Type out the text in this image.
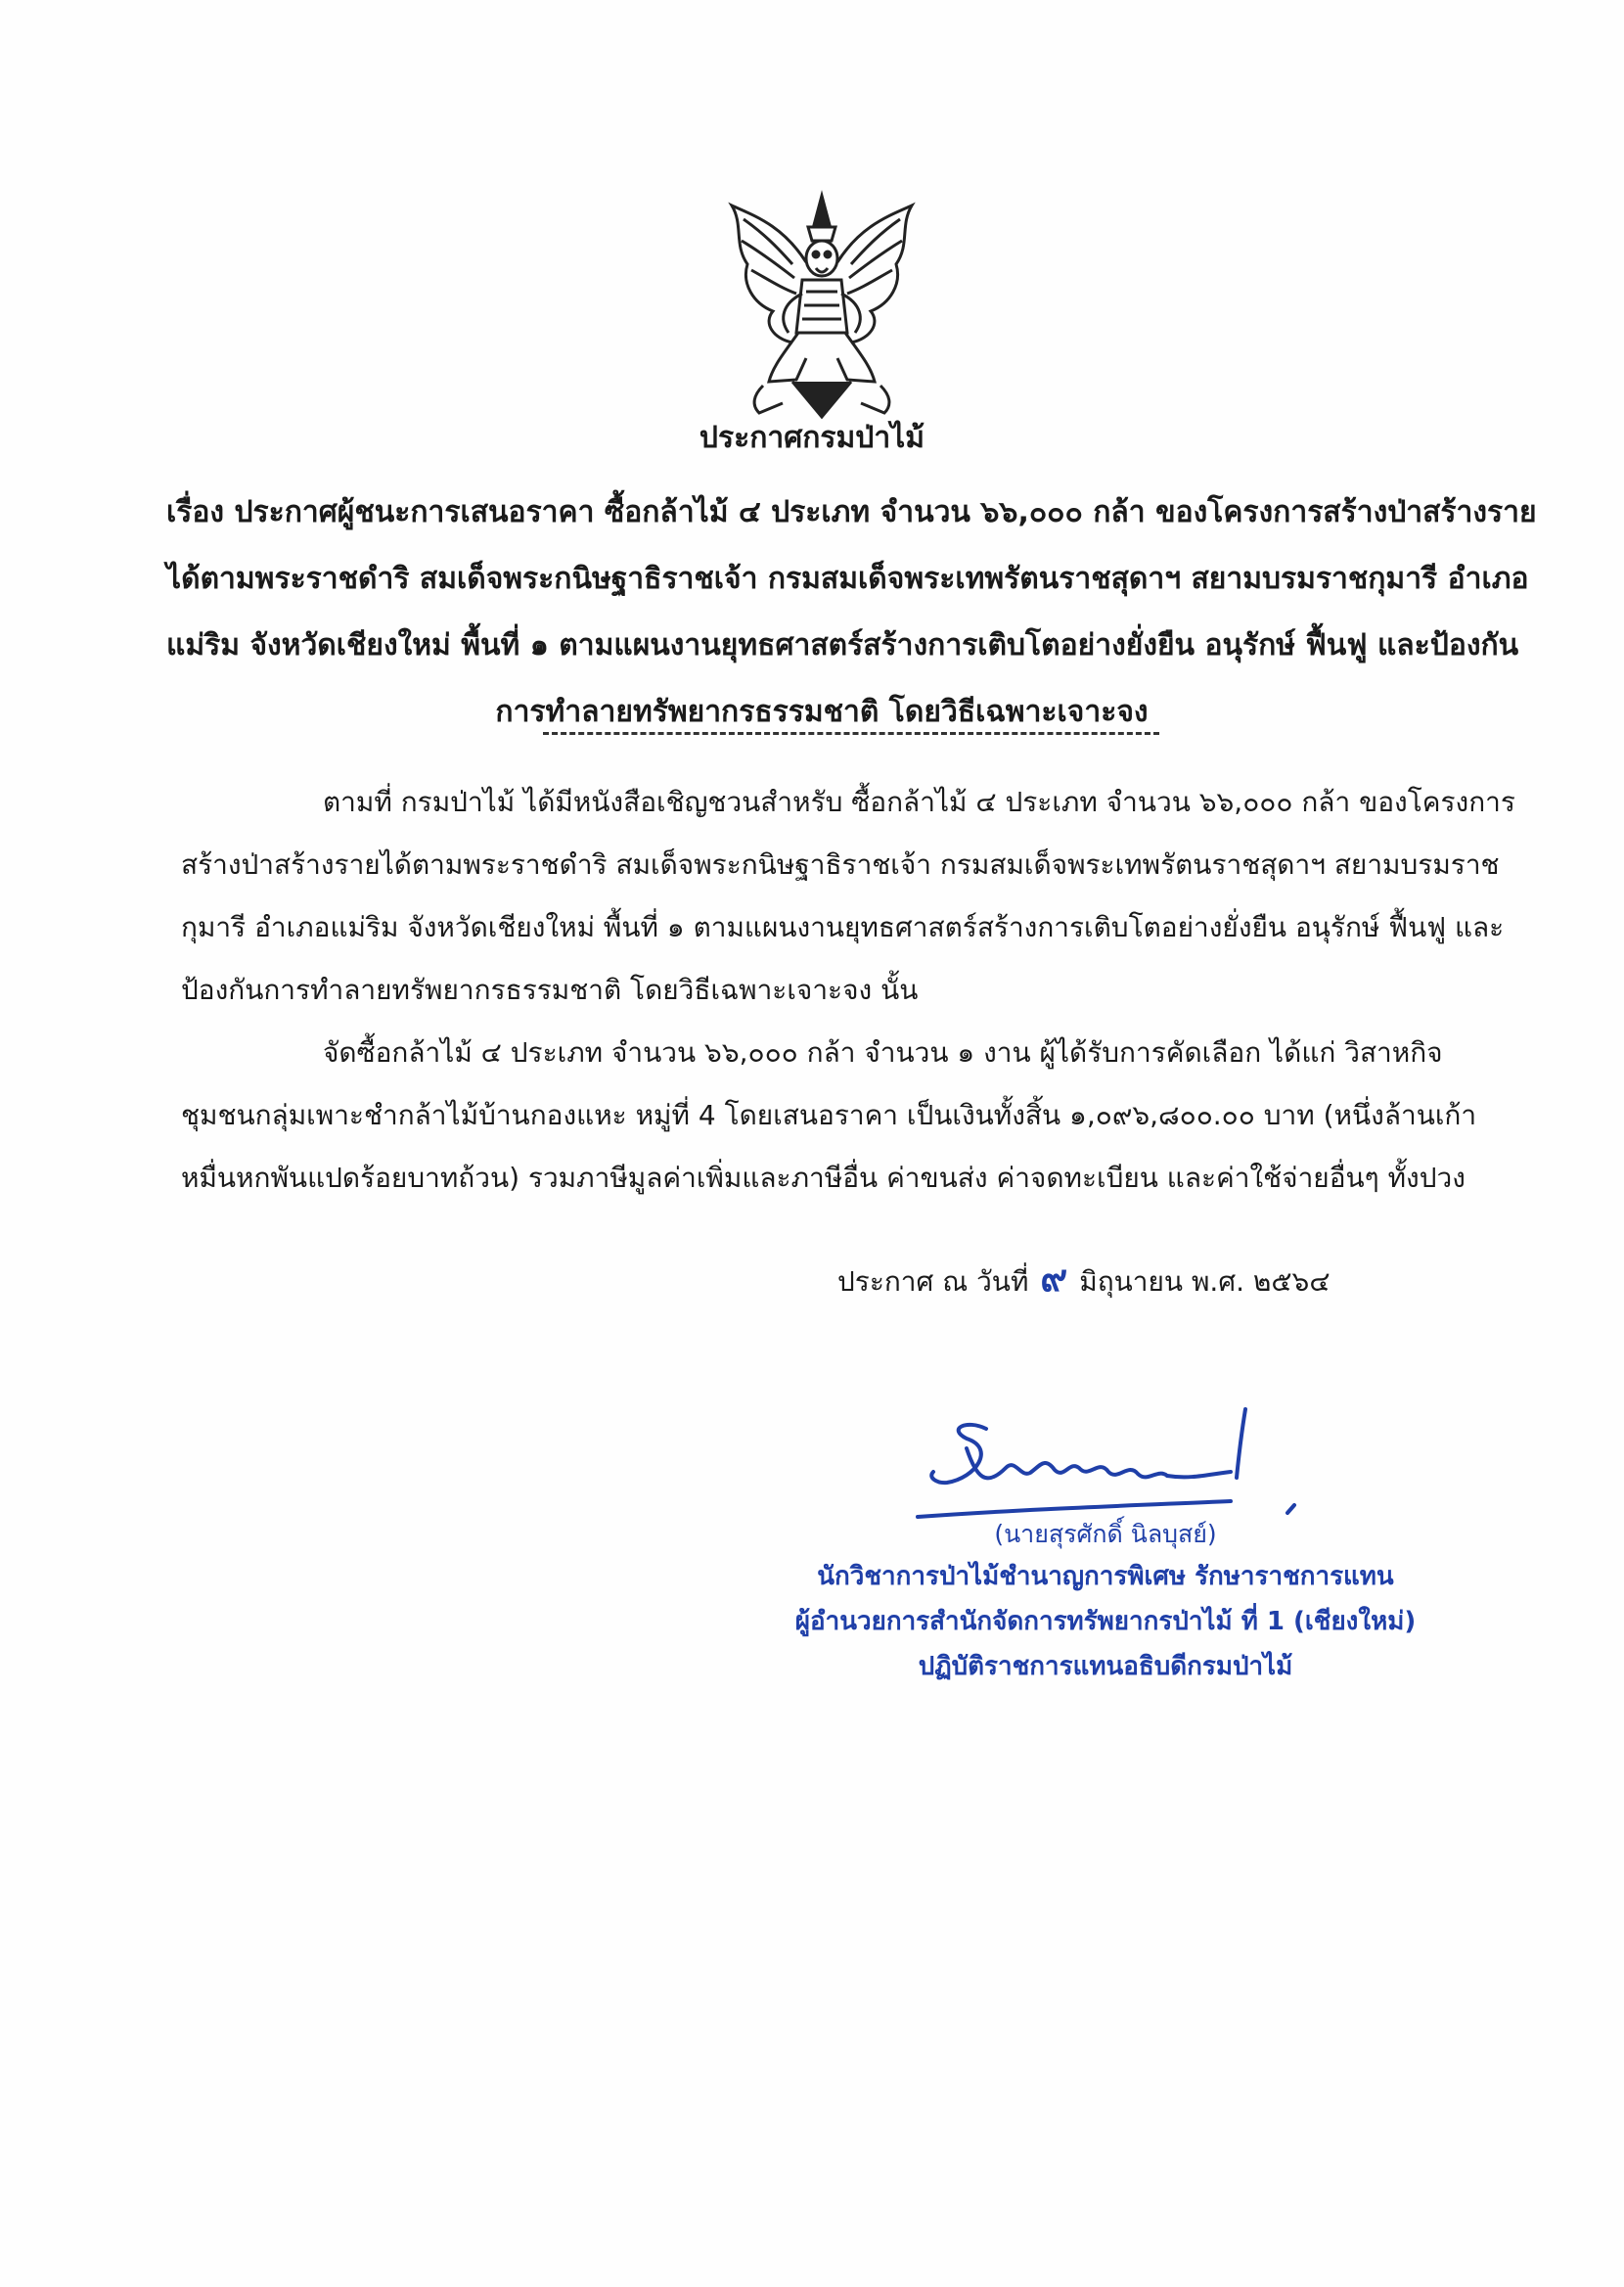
ประกาศกรมป่าไม้
เรื่อง ประกาศผู้ชนะการเสนอราคา ซื้อกล้าไม้ ๔ ประเภท จำนวน ๖๖,๐๐๐ กล้า ของโครงการสร้างป่าสร้างราย
ได้ตามพระราชดำริ สมเด็จพระกนิษฐาธิราชเจ้า กรมสมเด็จพระเทพรัตนราชสุดาฯ สยามบรมราชกุมารี อำเภอ
แม่ริม จังหวัดเชียงใหม่ พื้นที่ ๑ ตามแผนงานยุทธศาสตร์สร้างการเติบโตอย่างยั่งยืน อนุรักษ์ ฟื้นฟู และป้องกัน
การทำลายทรัพยากรธรรมชาติ โดยวิธีเฉพาะเจาะจง
ตามที่ กรมป่าไม้ ได้มีหนังสือเชิญชวนสำหรับ ซื้อกล้าไม้ ๔ ประเภท จำนวน ๖๖,๐๐๐ กล้า ของโครงการ
สร้างป่าสร้างรายได้ตามพระราชดำริ สมเด็จพระกนิษฐาธิราชเจ้า กรมสมเด็จพระเทพรัตนราชสุดาฯ สยามบรมราช
กุมารี อำเภอแม่ริม จังหวัดเชียงใหม่ พื้นที่ ๑ ตามแผนงานยุทธศาสตร์สร้างการเติบโตอย่างยั่งยืน อนุรักษ์ ฟื้นฟู และ
ป้องกันการทำลายทรัพยากรธรรมชาติ โดยวิธีเฉพาะเจาะจง นั้น
จัดซื้อกล้าไม้ ๔ ประเภท จำนวน ๖๖,๐๐๐ กล้า จำนวน ๑ งาน ผู้ได้รับการคัดเลือก ได้แก่ วิสาหกิจ
ชุมชนกลุ่มเพาะชำกล้าไม้บ้านกองแหะ หมู่ที่ 4 โดยเสนอราคา เป็นเงินทั้งสิ้น ๑,๐๙๖,๘๐๐.๐๐ บาท (หนึ่งล้านเก้า
หมื่นหกพันแปดร้อยบาทถ้วน) รวมภาษีมูลค่าเพิ่มและภาษีอื่น ค่าขนส่ง ค่าจดทะเบียน และค่าใช้จ่ายอื่นๆ ทั้งปวง
ประกาศ ณ วันที่ ๙ มิถุนายน พ.ศ. ๒๕๖๔
(นายสุรศักดิ์ นิลบุสย์)
นักวิชาการป่าไม้ชำนาญการพิเศษ รักษาราชการแทน
ผู้อำนวยการสำนักจัดการทรัพยากรป่าไม้ ที่ 1 (เชียงใหม่)
ปฏิบัติราชการแทนอธิบดีกรมป่าไม้
